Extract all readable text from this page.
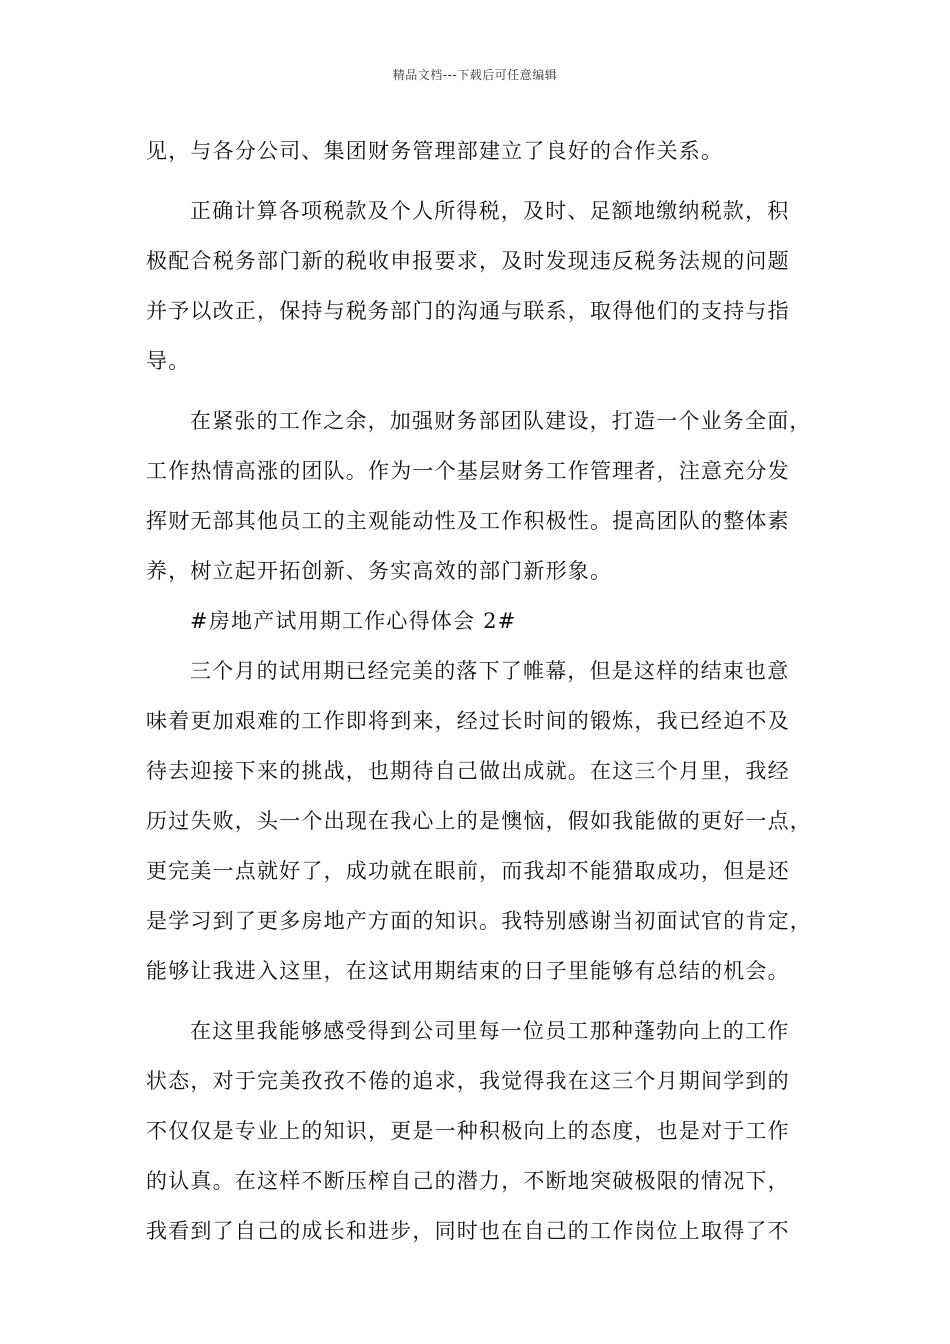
精品文档---下载后可任意编辑
见，与各分公司、集团财务管理部建立了良好的合作关系。
正确计算各项税款及个人所得税，及时、足额地缴纳税款，积
极配合税务部门新的税收申报要求，及时发现违反税务法规的问题
并予以改正，保持与税务部门的沟通与联系，取得他们的支持与指
导。
在紧张的工作之余，加强财务部团队建设，打造一个业务全面，
工作热情高涨的团队。作为一个基层财务工作管理者，注意充分发
挥财无部其他员工的主观能动性及工作积极性。提高团队的整体素
养，树立起开拓创新、务实高效的部门新形象。
#房地产试用期工作心得体会 2#
三个月的试用期已经完美的落下了帷幕，但是这样的结束也意
味着更加艰难的工作即将到来，经过长时间的锻炼，我已经迫不及
待去迎接下来的挑战，也期待自己做出成就。在这三个月里，我经
历过失败，头一个出现在我心上的是懊恼，假如我能做的更好一点，
更完美一点就好了，成功就在眼前，而我却不能猎取成功，但是还
是学习到了更多房地产方面的知识。我特别感谢当初面试官的肯定，
能够让我进入这里，在这试用期结束的日子里能够有总结的机会。
在这里我能够感受得到公司里每一位员工那种蓬勃向上的工作
状态，对于完美孜孜不倦的追求，我觉得我在这三个月期间学到的
不仅仅是专业上的知识，更是一种积极向上的态度，也是对于工作
的认真。在这样不断压榨自己的潜力，不断地突破极限的情况下，
我看到了自己的成长和进步，同时也在自己的工作岗位上取得了不
